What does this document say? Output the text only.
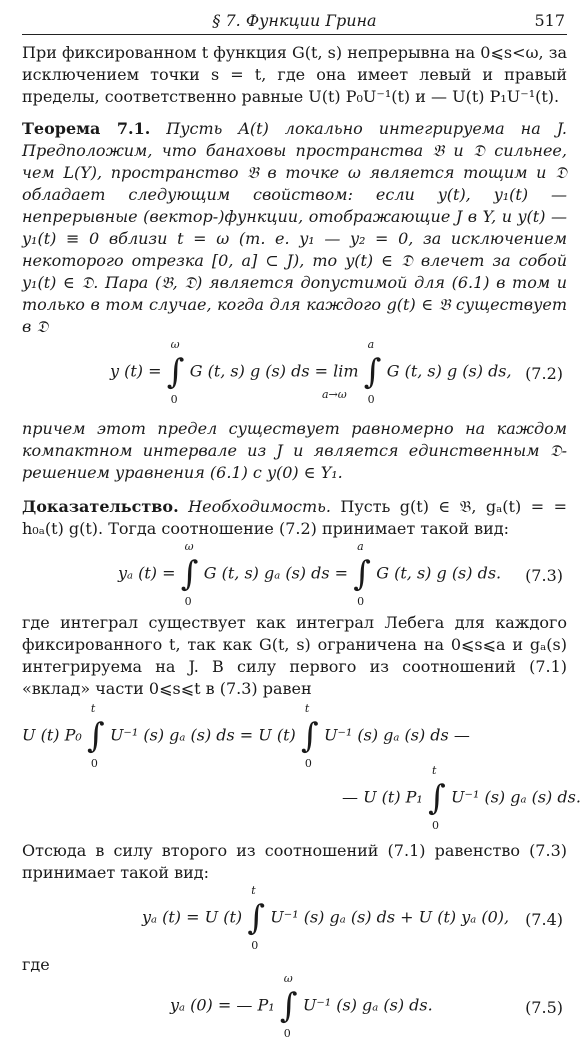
§ 7. Функции Грина	517

При фиксированном t функция G(t, s) непрерывна на 0⩽s<ω, за исключением точки s = t, где она имеет левый и правый пределы, соответственно равные U(t) P₀U⁻¹(t) и — U(t) P₁U⁻¹(t).

Теорема 7.1. Пусть A(t) локально интегрируема на J. Предположим, что банаховы пространства 𝔅 и 𝔇 сильнее, чем L(Y), пространство 𝔅 в точке ω является тощим и 𝔇 обладает следующим свойством: если y(t), y₁(t) — непрерывные (вектор-)функции, отображающие J в Y, и y(t) — y₁(t) ≡ 0 вблизи t = ω (т. е. y₁ — y₂ = 0, за исключением некоторого отрезка [0, a] ⊂ J), то y(t) ∈ 𝔇 влечет за собой y₁(t) ∈ 𝔇. Пара (𝔅, 𝔇) является допустимой для (6.1) в том и только в том случае, когда для каждого g(t) ∈ 𝔅 существует в 𝔇

y (t) =
ω
∫
0
G (t, s) g (s) ds = lim
a
∫
0
G (t, s) g (s) ds,
a→ω
(7.2)

причем этот предел существует равномерно на каждом компактном интервале из J и является единственным 𝔇-решением уравнения (6.1) с y(0) ∈ Y₁.

Доказательство. Необходимость. Пусть g(t) ∈ 𝔅, gₐ(t) = = h₀ₐ(t) g(t). Тогда соотношение (7.2) принимает такой вид:

yₐ (t) =
ω
∫
0
G (t, s) gₐ (s) ds =
a
∫
0
G (t, s) g (s) ds. (7.3)

где интеграл существует как интеграл Лебега для каждого фиксированного t, так как G(t, s) ограничена на 0⩽s⩽a и gₐ(s) интегрируема на J. В силу первого из соотношений (7.1) «вклад» части 0⩽s⩽t в (7.3) равен

U (t) P₀
t
∫
0
U⁻¹ (s) gₐ (s) ds = U (t)
t
∫
0
U⁻¹ (s) gₐ (s) ds —
— U (t) P₁
t
∫
0
U⁻¹ (s) gₐ (s) ds.

Отсюда в силу второго из соотношений (7.1) равенство (7.3) принимает такой вид:

yₐ (t) = U (t)
t
∫
0
U⁻¹ (s) gₐ (s) ds + U (t) yₐ (0), (7.4)

где

yₐ (0) = — P₁
ω
∫
0
U⁻¹ (s) gₐ (s) ds.	(7.5)
